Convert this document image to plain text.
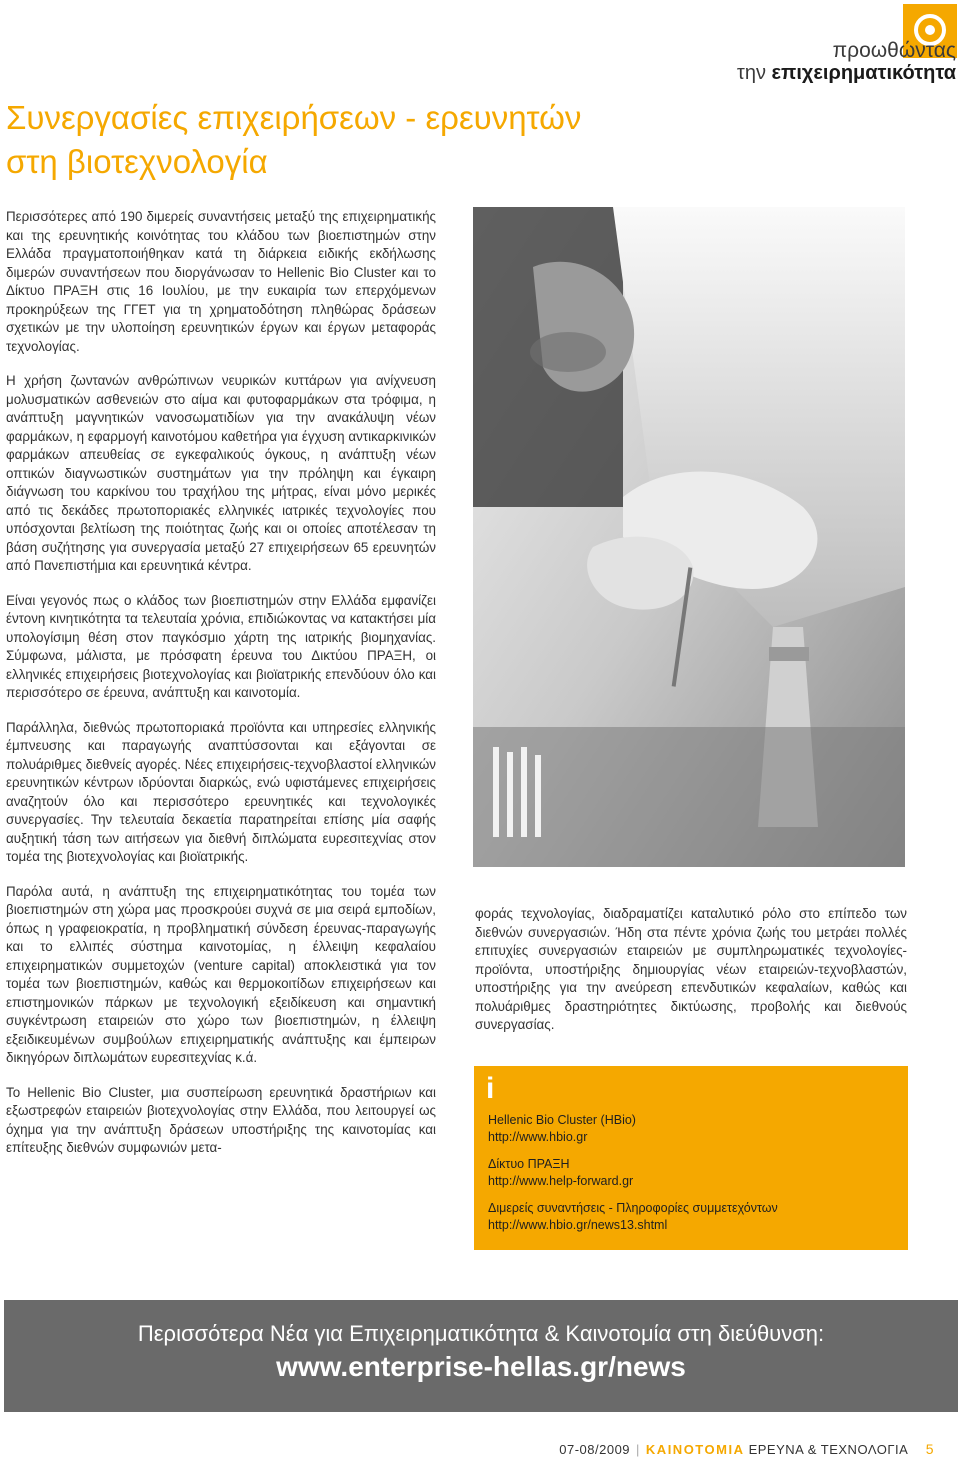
προωθώντας
την επιχειρηματικότητα
Συνεργασίες επιχειρήσεων - ερευνητών
στη βιοτεχνολογία

Περισσότερες από 190 διμερείς συναντήσεις μεταξύ της επιχειρηματικής και της ερευνητικής κοινότητας του κλάδου των βιοεπιστημών στην Ελλάδα πραγματοποιήθηκαν κατά τη διάρκεια ειδικής εκδήλωσης διμερών συναντήσεων που διοργάνωσαν το Hellenic Bio Cluster και το Δίκτυο ΠΡΑΞΗ στις 16 Ιουλίου, με την ευκαιρία των επερχόμενων προκηρύξεων της ΓΓΕΤ για τη χρηματοδότηση πληθώρας δράσεων σχετικών με την υλοποίηση ερευνητικών έργων και έργων μεταφοράς τεχνολογίας.

Η χρήση ζωντανών ανθρώπινων νευρικών κυττάρων για ανίχνευση μολυσματικών ασθενειών στο αίμα και φυτοφαρμάκων στα τρόφιμα, η ανάπτυξη μαγνητικών νανοσωματιδίων για την ανακάλυψη νέων φαρμάκων, η εφαρμογή καινοτόμου καθετήρα για έγχυση αντικαρκινικών φαρμάκων απευθείας σε εγκεφαλικούς όγκους, η ανάπτυξη νέων οπτικών διαγνωστικών συστημάτων για την πρόληψη και έγκαιρη διάγνωση του καρκίνου του τραχήλου της μήτρας, είναι μόνο μερικές από τις δεκάδες πρωτοποριακές ελληνικές ιατρικές τεχνολογίες που υπόσχονται βελτίωση της ποιότητας ζωής και οι οποίες αποτέλεσαν τη βάση συζήτησης για συνεργασία μεταξύ 27 επιχειρήσεων 65 ερευνητών από Πανεπιστήμια και ερευνητικά κέντρα.

Είναι γεγονός πως ο κλάδος των βιοεπιστημών στην Ελλάδα εμφανίζει έντονη κινητικότητα τα τελευταία χρόνια, επιδιώκοντας να κατακτήσει μία υπολογίσιμη θέση στον παγκόσμιο χάρτη της ιατρικής βιομηχανίας. Σύμφωνα, μάλιστα, με πρόσφατη έρευνα του Δικτύου ΠΡΑΞΗ, οι ελληνικές επιχειρήσεις βιοτεχνολογίας και βιοϊατρικής επενδύουν όλο και περισσότερο σε έρευνα, ανάπτυξη και καινοτομία.

Παράλληλα, διεθνώς πρωτοποριακά προϊόντα και υπηρεσίες ελληνικής έμπνευσης και παραγωγής αναπτύσσονται και εξάγονται σε πολυάριθμες διεθνείς αγορές. Νέες επιχειρήσεις-τεχνοβλαστοί ελληνικών ερευνητικών κέντρων ιδρύονται διαρκώς, ενώ υφιστάμενες επιχειρήσεις αναζητούν όλο και περισσότερο ερευνητικές και τεχνολογικές συνεργασίες. Την τελευταία δεκαετία παρατηρείται επίσης μία σαφής αυξητική τάση των αιτήσεων για διεθνή διπλώματα ευρεσιτεχνίας στον τομέα της βιοτεχνολογίας και βιοϊατρικής.

Παρόλα αυτά, η ανάπτυξη της επιχειρηματικότητας του τομέα των βιοεπιστημών στη χώρα μας προσκρούει συχνά σε μια σειρά εμποδίων, όπως η γραφειοκρατία, η προβληματική σύνδεση έρευνας-παραγωγής και το ελλιπές σύστημα καινοτομίας, η έλλειψη κεφαλαίου επιχειρηματικών συμμετοχών (venture capital) αποκλειστικά για τον τομέα των βιοεπιστημών, καθώς και θερμοκοιτίδων επιχειρήσεων και επιστημονικών πάρκων με τεχνολογική εξειδίκευση και σημαντική συγκέντρωση εταιρειών στο χώρο των βιοεπιστημών, η έλλειψη εξειδικευμένων συμβούλων επιχειρηματικής ανάπτυξης και έμπειρων δικηγόρων διπλωμάτων ευρεσιτεχνίας κ.ά.

Το Hellenic Bio Cluster, μια συσπείρωση ερευνητικά δραστήριων και εξωστρεφών εταιρειών βιοτεχνολογίας στην Ελλάδα, που λειτουργεί ως όχημα για την ανάπτυξη δράσεων υποστήριξης της καινοτομίας και επίτευξης διεθνών συμφωνιών μετα-

φοράς τεχνολογίας, διαδραματίζει καταλυτικό ρόλο στο επίπεδο των διεθνών συνεργασιών. Ήδη στα πέντε χρόνια ζωής του μετράει πολλές επιτυχίες συνεργασιών εταιρειών με συμπληρωματικές τεχνολογίες-προϊόντα, υποστήριξης δημιουργίας νέων εταιρειών-τεχνοβλαστών, υποστήριξης για την ανεύρεση επενδυτικών κεφαλαίων, καθώς και πολυάριθμες δραστηριότητες δικτύωσης, προβολής και διεθνούς συνεργασίας.

i
Hellenic Bio Cluster (HBio)
http://www.hbio.gr
Δίκτυο ΠΡΑΞΗ
http://www.help-forward.gr
Διμερείς συναντήσεις - Πληροφορίες συμμετεχόντων
http://www.hbio.gr/news13.shtml
Περισσότερα Νέα για Επιχειρηματικότητα & Καινοτομία στη διεύθυνση:
www.enterprise-hellas.gr/news
07-08/2009 | ΚΑΙΝΟΤΟΜΙΑ ΕΡΕΥΝΑ & ΤΕΧΝΟΛΟΓΙΑ 5
